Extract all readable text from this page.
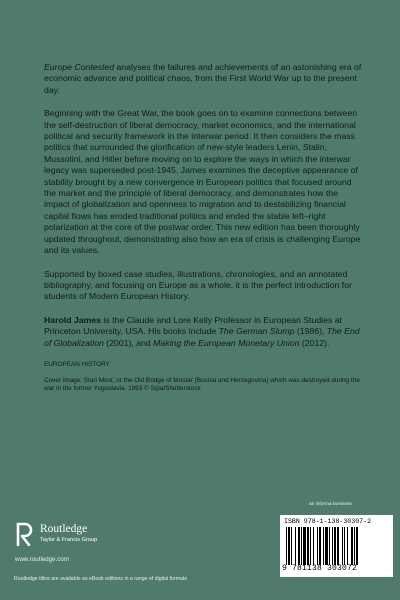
Europe Contested analyses the failures and achievements of an astonishing era of economic advance and political chaos, from the First World War up to the present day.

Beginning with the Great War, the book goes on to examine connections between the self-destruction of liberal democracy, market economics, and the international political and security framework in the interwar period. It then considers the mass politics that surrounded the glorification of new-style leaders Lenin, Stalin, Mussolini, and Hitler before moving on to explore the ways in which the interwar legacy was superseded post-1945. James examines the deceptive appearance of stability brought by a new convergence in European politics that focused around the market and the principle of liberal democracy, and demonstrates how the impact of globalization and openness to migration and to destabilizing financial capital flows has eroded traditional politics and ended the stable left–right polarization at the core of the postwar order. This new edition has been thoroughly updated throughout, demonstrating also how an era of crisis is challenging Europe and its values.

Supported by boxed case studies, illustrations, chronologies, and an annotated bibliography, and focusing on Europe as a whole, it is the perfect introduction for students of Modern European History.

Harold James is the Claude and Lore Kelly Professor in European Studies at Princeton University, USA. His books include The German Slump (1986), The End of Globalization (2001), and Making the European Monetary Union (2012).

EUROPEAN HISTORY

Cover image: Stari Most, or the Old Bridge of Mostar (Bosnia and Herzegovina) which was destroyed during the war in the former Yugoslavia, 1993 © Sipa/Shutterstock

Routledge
Taylor & Francis Group
www.routledge.com
Routledge titles are available as eBook editions in a range of digital formats
an informa business
ISBN 978-1-138-30307-2
9 781138 303072
